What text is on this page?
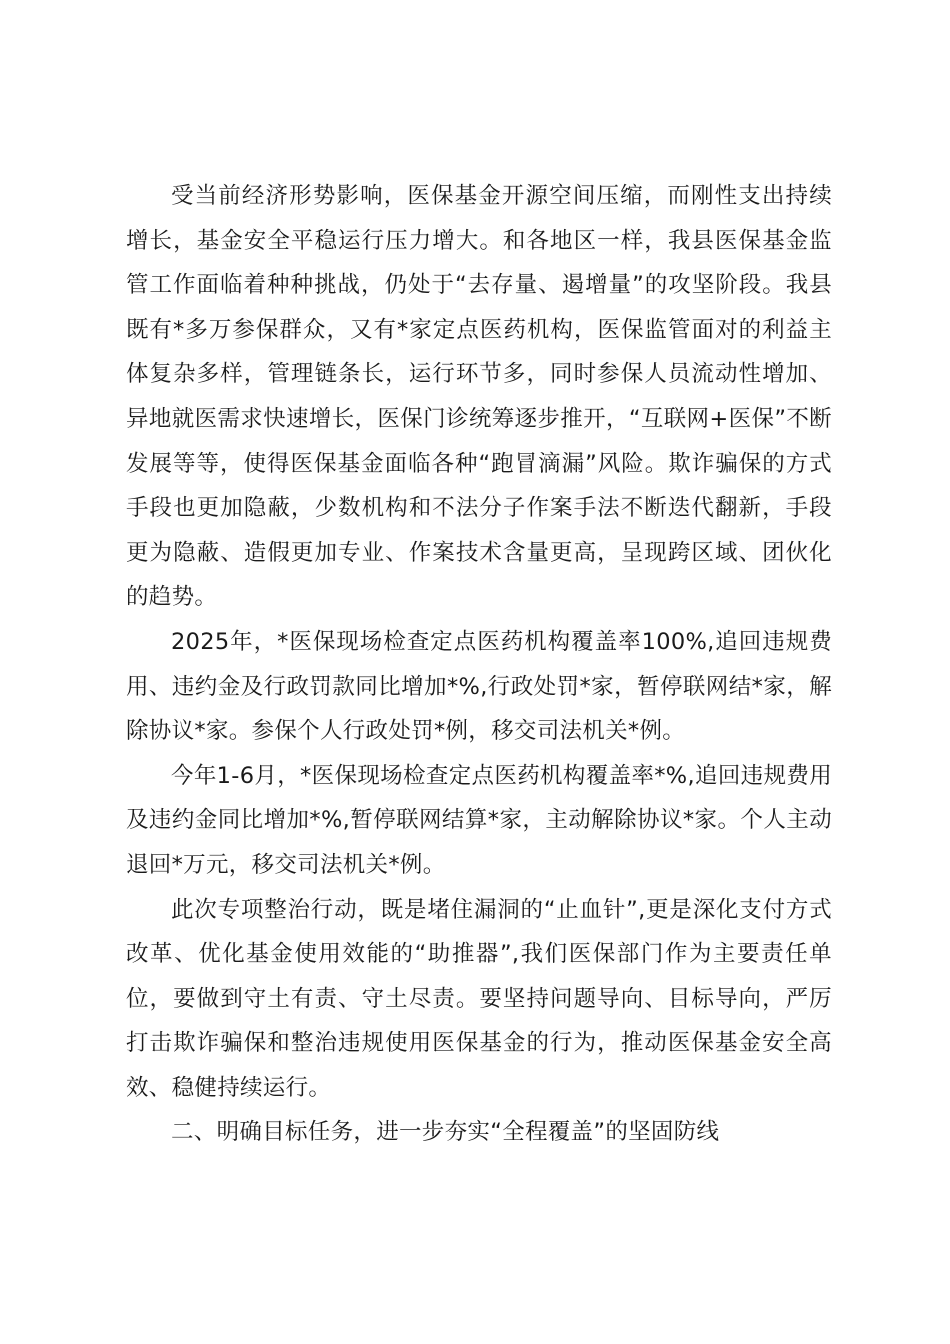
受当前经济形势影响，医保基金开源空间压缩，而刚性支出持续增长，基金安全平稳运行压力增大。和各地区一样，我县医保基金监管工作面临着种种挑战，仍处于“去存量、遏增量”的攻坚阶段。我县既有*多万参保群众，又有*家定点医药机构，医保监管面对的利益主体复杂多样，管理链条长，运行环节多，同时参保人员流动性增加、异地就医需求快速增长，医保门诊统筹逐步推开，“互联网+医保”不断发展等等，使得医保基金面临各种“跑冒滴漏”风险。欺诈骗保的方式手段也更加隐蔽，少数机构和不法分子作案手法不断迭代翻新，手段更为隐蔽、造假更加专业、作案技术含量更高，呈现跨区域、团伙化的趋势。

2025年，*医保现场检查定点医药机构覆盖率100%,追回违规费用、违约金及行政罚款同比增加*%,行政处罚*家，暂停联网结*家，解除协议*家。参保个人行政处罚*例，移交司法机关*例。

今年1-6月，*医保现场检查定点医药机构覆盖率*%,追回违规费用及违约金同比增加*%,暂停联网结算*家，主动解除协议*家。个人主动退回*万元，移交司法机关*例。

此次专项整治行动，既是堵住漏洞的“止血针”,更是深化支付方式改革、优化基金使用效能的“助推器”,我们医保部门作为主要责任单位，要做到守土有责、守土尽责。要坚持问题导向、目标导向，严厉打击欺诈骗保和整治违规使用医保基金的行为，推动医保基金安全高效、稳健持续运行。

二、明确目标任务，进一步夯实“全程覆盖”的坚固防线
